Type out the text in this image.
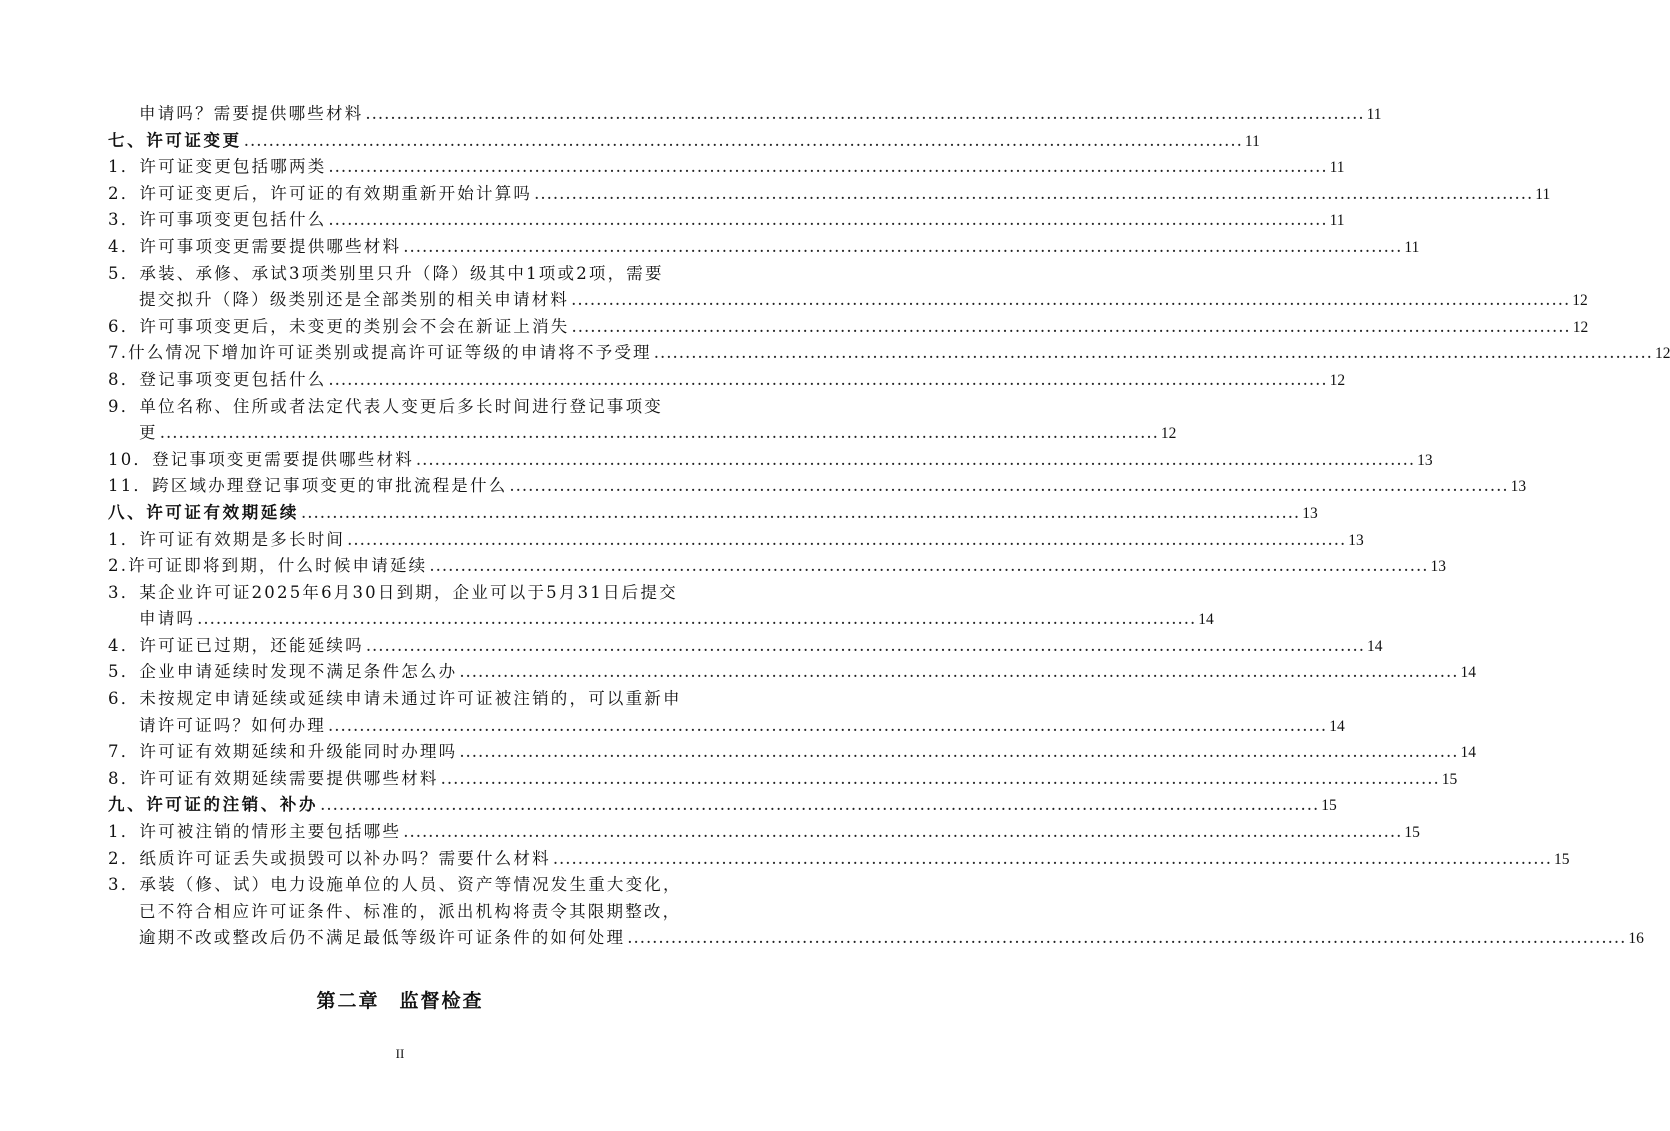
申请吗？需要提供哪些材料 ................................................................................................................................................................ 11
七、许可证变更 ................................................................................................................................................................ 11
1．许可证变更包括哪两类 ................................................................................................................................................................ 11
2．许可证变更后，许可证的有效期重新开始计算吗 ................................................................................................................................................................ 11
3．许可事项变更包括什么 ................................................................................................................................................................ 11
4．许可事项变更需要提供哪些材料 ................................................................................................................................................................ 11
5．承装、承修、承试3项类别里只升（降）级其中1项或2项，需要
提交拟升（降）级类别还是全部类别的相关申请材料 ................................................................................................................................................................ 12
6．许可事项变更后，未变更的类别会不会在新证上消失 ................................................................................................................................................................ 12
7.什么情况下增加许可证类别或提高许可证等级的申请将不予受理 ................................................................................................................................................................ 12
8．登记事项变更包括什么 ................................................................................................................................................................ 12
9．单位名称、住所或者法定代表人变更后多长时间进行登记事项变
更 ................................................................................................................................................................ 12
10．登记事项变更需要提供哪些材料 ................................................................................................................................................................ 13
11．跨区域办理登记事项变更的审批流程是什么 ................................................................................................................................................................ 13
八、许可证有效期延续 ................................................................................................................................................................ 13
1．许可证有效期是多长时间 ................................................................................................................................................................ 13
2.许可证即将到期，什么时候申请延续 ................................................................................................................................................................ 13
3．某企业许可证2025年6月30日到期，企业可以于5月31日后提交
申请吗 ................................................................................................................................................................ 14
4．许可证已过期，还能延续吗 ................................................................................................................................................................ 14
5．企业申请延续时发现不满足条件怎么办 ................................................................................................................................................................ 14
6．未按规定申请延续或延续申请未通过许可证被注销的，可以重新申
请许可证吗？如何办理 ................................................................................................................................................................ 14
7．许可证有效期延续和升级能同时办理吗 ................................................................................................................................................................ 14
8．许可证有效期延续需要提供哪些材料 ................................................................................................................................................................ 15
九、许可证的注销、补办 ................................................................................................................................................................ 15
1．许可被注销的情形主要包括哪些 ................................................................................................................................................................ 15
2．纸质许可证丢失或损毁可以补办吗？需要什么材料 ................................................................................................................................................................ 15
3．承装（修、试）电力设施单位的人员、资产等情况发生重大变化，
已不符合相应许可证条件、标准的，派出机构将责令其限期整改，
逾期不改或整改后仍不满足最低等级许可证条件的如何处理 ................................................................................................................................................................ 16
第二章 监督检查
II
